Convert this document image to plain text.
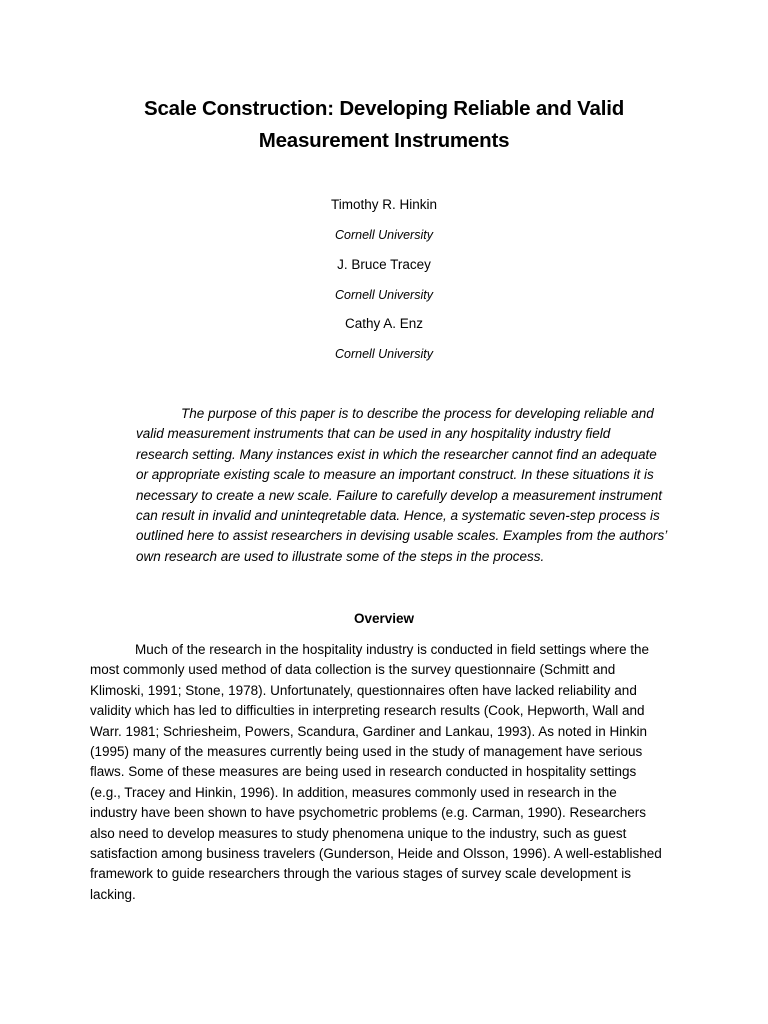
Scale Construction: Developing Reliable and Valid
Measurement Instruments
Timothy R. Hinkin
Cornell University
J. Bruce Tracey
Cornell University
Cathy A. Enz
Cornell University
The purpose of this paper is to describe the process for developing reliable and
valid measurement instruments that can be used in any hospitality industry field
research setting. Many instances exist in which the researcher cannot find an adequate
or appropriate existing scale to measure an important construct. In these situations it is
necessary to create a new scale. Failure to carefully develop a measurement instrument
can result in invalid and uninteqretable data. Hence, a systematic seven-step process is
outlined here to assist researchers in devising usable scales. Examples from the authors’
own research are used to illustrate some of the steps in the process.
Overview
Much of the research in the hospitality industry is conducted in field settings where the
most commonly used method of data collection is the survey questionnaire (Schmitt and
Klimoski, 1991; Stone, 1978). Unfortunately, questionnaires often have lacked reliability and
validity which has led to difficulties in interpreting research results (Cook, Hepworth, Wall and
Warr. 1981; Schriesheim, Powers, Scandura, Gardiner and Lankau, 1993). As noted in Hinkin
(1995) many of the measures currently being used in the study of management have serious
flaws. Some of these measures are being used in research conducted in hospitality settings
(e.g., Tracey and Hinkin, 1996). In addition, measures commonly used in research in the
industry have been shown to have psychometric problems (e.g. Carman, 1990). Researchers
also need to develop measures to study phenomena unique to the industry, such as guest
satisfaction among business travelers (Gunderson, Heide and Olsson, 1996). A well-established
framework to guide researchers through the various stages of survey scale development is
lacking.
